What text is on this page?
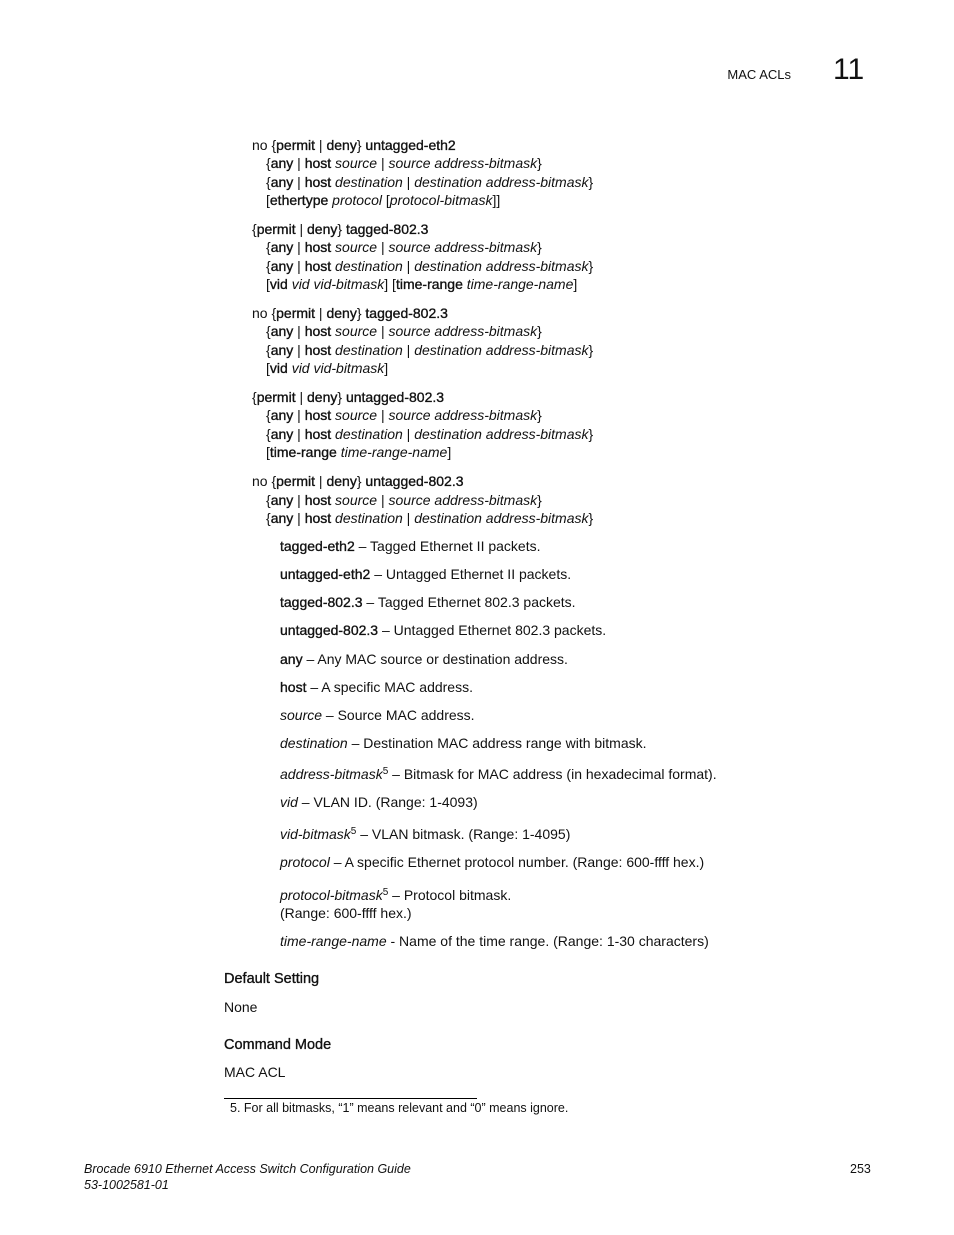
MAC ACLs 11
no {permit | deny} untagged-eth2
{any | host source | source address-bitmask}
{any | host destination | destination address-bitmask}
[ethertype protocol [protocol-bitmask]]
{permit | deny} tagged-802.3
{any | host source | source address-bitmask}
{any | host destination | destination address-bitmask}
[vid vid vid-bitmask] [time-range time-range-name]
no {permit | deny} tagged-802.3
{any | host source | source address-bitmask}
{any | host destination | destination address-bitmask}
[vid vid vid-bitmask]
{permit | deny} untagged-802.3
{any | host source | source address-bitmask}
{any | host destination | destination address-bitmask}
[time-range time-range-name]
no {permit | deny} untagged-802.3
{any | host source | source address-bitmask}
{any | host destination | destination address-bitmask}
tagged-eth2 – Tagged Ethernet II packets.
untagged-eth2 – Untagged Ethernet II packets.
tagged-802.3 – Tagged Ethernet 802.3 packets.
untagged-802.3 – Untagged Ethernet 802.3 packets.
any – Any MAC source or destination address.
host – A specific MAC address.
source – Source MAC address.
destination – Destination MAC address range with bitmask.
address-bitmask$^5$ – Bitmask for MAC address (in hexadecimal format).
vid – VLAN ID. (Range: 1-4093)
vid-bitmask$^5$ – VLAN bitmask. (Range: 1-4095)
protocol – A specific Ethernet protocol number. (Range: 600-ffff hex.)
protocol-bitmask$^5$ – Protocol bitmask.
(Range: 600-ffff hex.)
time-range-name - Name of the time range. (Range: 1-30 characters)
Default Setting
None
Command Mode
MAC ACL
5. For all bitmasks, “1” means relevant and “0” means ignore.
Brocade 6910 Ethernet Access Switch Configuration Guide
53-1002581-01
253
